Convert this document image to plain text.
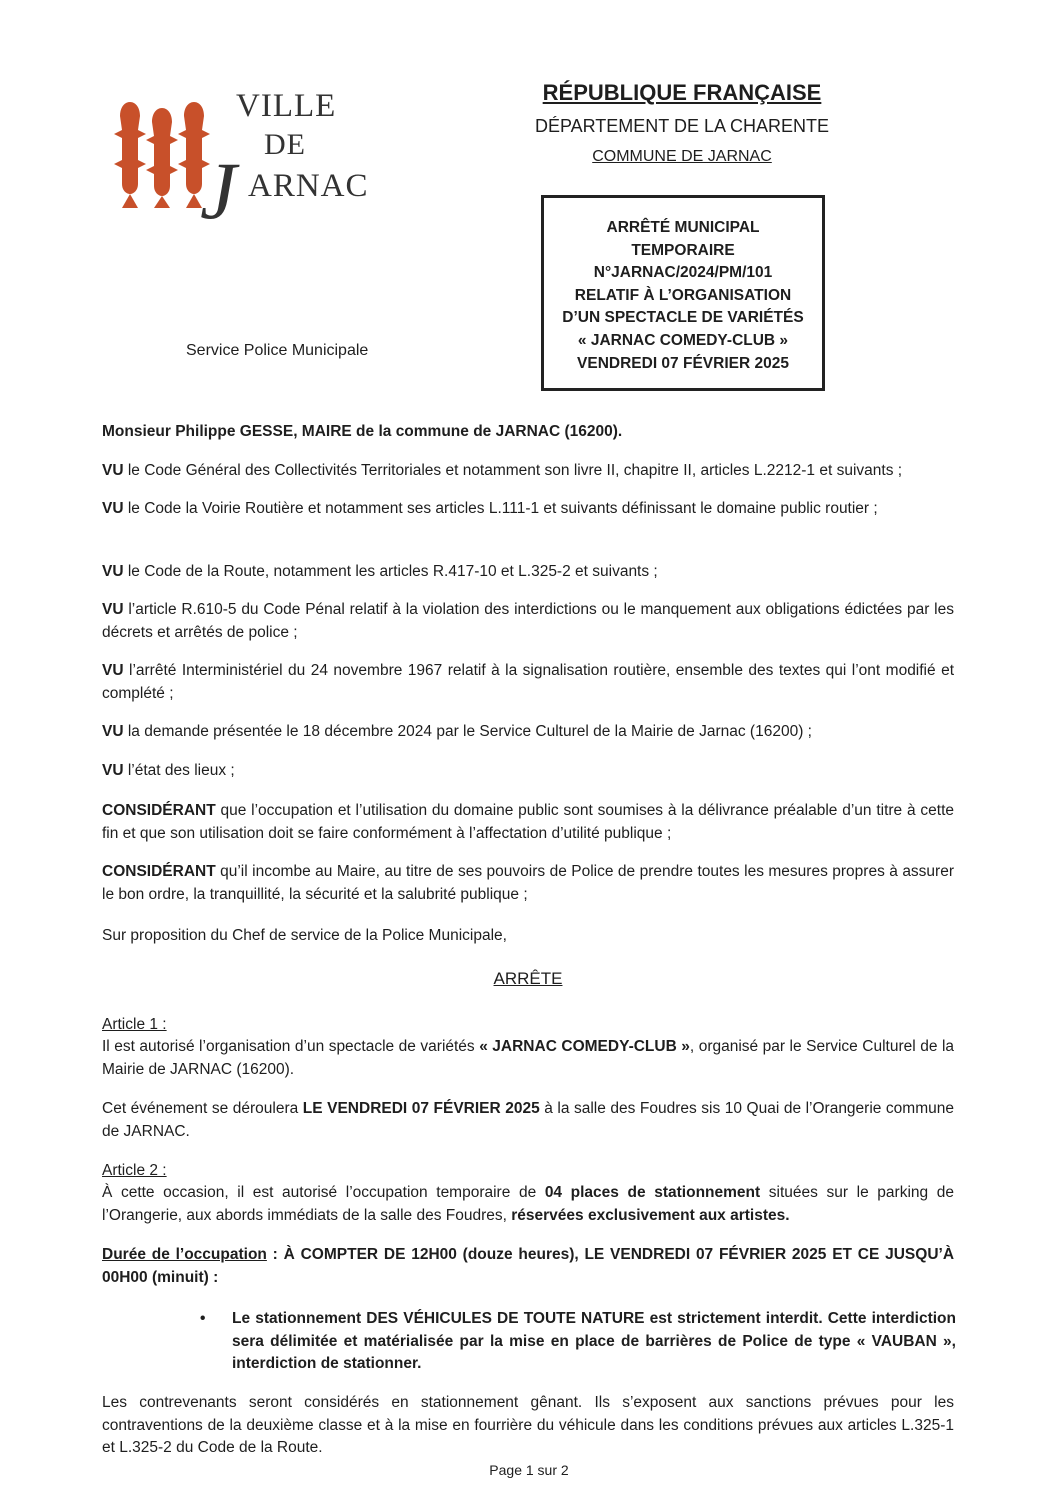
VILLE
DE
J ARNAC
RÉPUBLIQUE FRANÇAISE
DÉPARTEMENT DE LA CHARENTE
COMMUNE DE JARNAC
ARRÊTÉ MUNICIPAL
TEMPORAIRE
N°JARNAC/2024/PM/101
RELATIF À L’ORGANISATION
D’UN SPECTACLE DE VARIÉTÉS
« JARNAC COMEDY-CLUB »
VENDREDI 07 FÉVRIER 2025
Service Police Municipale
Monsieur Philippe GESSE, MAIRE de la commune de JARNAC (16200).
VU le Code Général des Collectivités Territoriales et notamment son livre II, chapitre II, articles L.2212-1 et suivants ;
VU le Code la Voirie Routière et notamment ses articles L.111-1 et suivants définissant le domaine public routier ;
VU le Code de la Route, notamment les articles R.417-10 et L.325-2 et suivants ;
VU l’article R.610-5 du Code Pénal relatif à la violation des interdictions ou le manquement aux obligations édictées par les décrets et arrêtés de police ;
VU l’arrêté Interministériel du 24 novembre 1967 relatif à la signalisation routière, ensemble des textes qui l’ont modifié et complété ;
VU la demande présentée le 18 décembre 2024 par le Service Culturel de la Mairie de Jarnac (16200) ;
VU l’état des lieux ;
CONSIDÉRANT que l’occupation et l’utilisation du domaine public sont soumises à la délivrance préalable d’un titre à cette fin et que son utilisation doit se faire conformément à l’affectation d’utilité publique ;
CONSIDÉRANT qu’il incombe au Maire, au titre de ses pouvoirs de Police de prendre toutes les mesures propres à assurer le bon ordre, la tranquillité, la sécurité et la salubrité publique ;
Sur proposition du Chef de service de la Police Municipale,
ARRÊTE
Article 1 :
Il est autorisé l’organisation d’un spectacle de variétés « JARNAC COMEDY-CLUB », organisé par le Service Culturel de la Mairie de JARNAC (16200).
Cet événement se déroulera LE VENDREDI 07 FÉVRIER 2025 à la salle des Foudres sis 10 Quai de l’Orangerie commune de JARNAC.
Article 2 :
À cette occasion, il est autorisé l’occupation temporaire de 04 places de stationnement situées sur le parking de l’Orangerie, aux abords immédiats de la salle des Foudres, réservées exclusivement aux artistes.
Durée de l’occupation : À COMPTER DE 12H00 (douze heures), LE VENDREDI 07 FÉVRIER 2025 ET CE JUSQU’À 00H00 (minuit) :
• Le stationnement DES VÉHICULES DE TOUTE NATURE est strictement interdit. Cette interdiction sera délimitée et matérialisée par la mise en place de barrières de Police de type « VAUBAN », interdiction de stationner.
Les contrevenants seront considérés en stationnement gênant. Ils s’exposent aux sanctions prévues pour les contraventions de la deuxième classe et à la mise en fourrière du véhicule dans les conditions prévues aux articles L.325-1 et L.325-2 du Code de la Route.
Page 1 sur 2
